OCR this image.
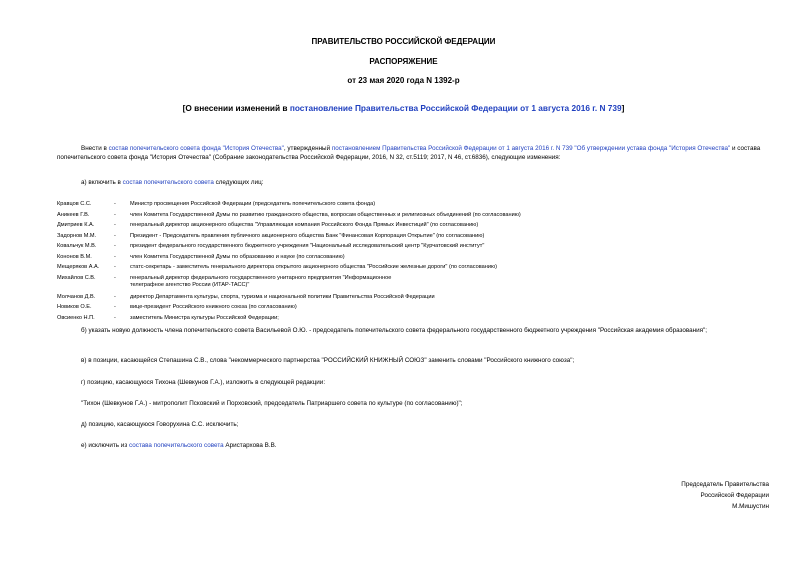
ПРАВИТЕЛЬСТВО РОССИЙСКОЙ ФЕДЕРАЦИИ
РАСПОРЯЖЕНИЕ
от 23 мая 2020 года N 1392-р
[О внесении изменений в постановление Правительства Российской Федерации от 1 августа 2016 г. N 739]
Внести в состав попечительского совета фонда "История Отечества", утвержденный постановлением Правительства Российской Федерации от 1 августа 2016 г. N 739 "Об утверждении устава фонда "История Отечества" и состава попечительского совета фонда "История Отечества" (Собрание законодательства Российской Федерации, 2016, N 32, ст.5119; 2017, N 46, ст.6836), следующие изменения:
а) включить в состав попечительского совета следующих лиц:
Кравцов С.С.	-	Министр просвещения Российской Федерации (председатель попечительского совета фонда)
Аникеев Г.В.	-	член Комитета Государственной Думы по развитию гражданского общества, вопросам общественных и религиозных объединений (по согласованию)
Дмитриев К.А.	-	генеральный директор акционерного общества "Управляющая компания Российского Фонда Прямых Инвестиций" (по согласованию)
Задорнов М.М.	-	Президент - Председатель правления публичного акционерного общества Банк "Финансовая Корпорация Открытие" (по согласованию)
Ковальчук М.В.	-	президент федерального государственного бюджетного учреждения "Национальный исследовательский центр "Курчатовский институт"
Кононов В.М.	-	член Комитета Государственной Думы по образованию и науке (по согласованию)
Мещеряков А.А.	-	статс-секретарь - заместитель генерального директора открытого акционерного общества "Российские железные дороги" (по согласованию)
Михайлов С.В.	-	генеральный директор федерального государственного унитарного предприятия "Информационное телеграфное агентство России (ИТАР-ТАСС)"
Молчанов Д.В.	-	директор Департамента культуры, спорта, туризма и национальной политики Правительства Российской Федерации
Новиков О.Е.	-	вице-президент Российского книжного союза (по согласованию)
Овсиенко Н.П.	-	заместитель Министра культуры Российской Федерации;
б) указать новую должность члена попечительского совета Васильевой О.Ю. - председатель попечительского совета федерального государственного бюджетного учреждения "Российская академия образования";
в) в позиции, касающейся Степашина С.В., слова "некоммерческого партнерства "РОССИЙСКИЙ КНИЖНЫЙ СОЮЗ" заменить словами "Российского книжного союза";
г) позицию, касающуюся Тихона (Шевкунов Г.А.), изложить в следующей редакции:
"Тихон (Шевкунов Г.А.) - митрополит Псковский и Порховский, председатель Патриаршего совета по культуре (по согласованию)";
д) позицию, касающуюся Говорухина С.С. исключить;
е) исключить из состава попечительского совета Аристархова В.В.
Председатель Правительства
Российской Федерации
М.Мишустин
